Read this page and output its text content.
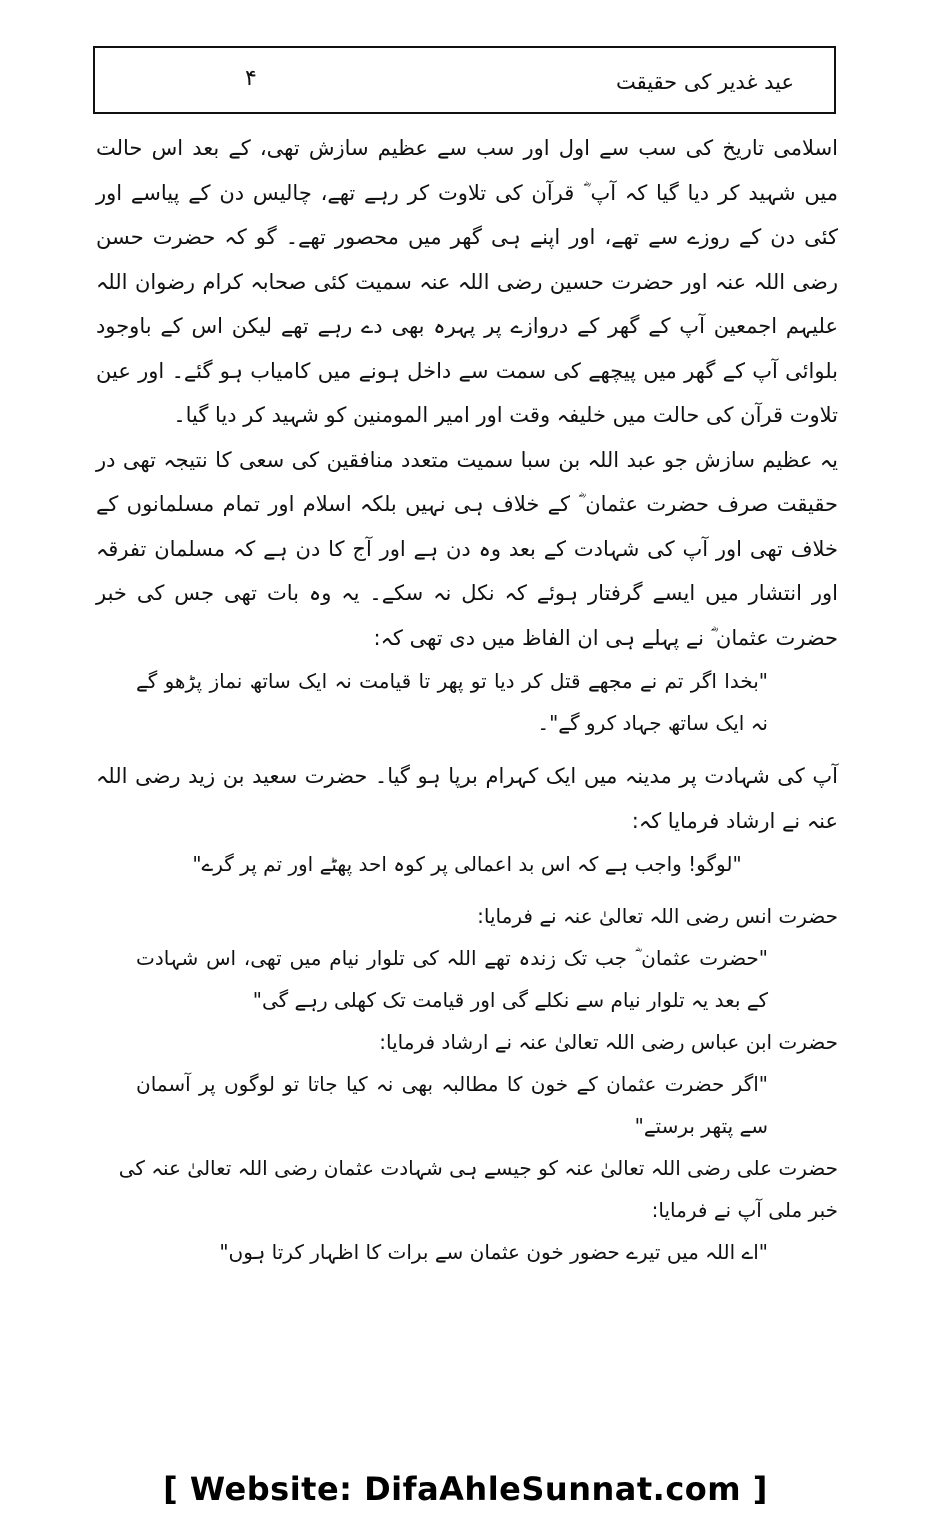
۴	عید غدیر کی حقیقت

اسلامی تاریخ کی سب سے اول اور سب سے عظیم سازش تھی، کے بعد اس حالت میں شہید کر دیا گیا کہ آپ ؓ قرآن کی تلاوت کر رہے تھے، چالیس دن کے پیاسے اور کئی دن کے روزے سے تھے، اور اپنے ہی گھر میں محصور تھے۔ گو کہ حضرت حسن رضی اللہ عنہ اور حضرت حسین رضی اللہ عنہ سمیت کئی صحابہ کرام رضوان اللہ علیہم اجمعین آپ کے گھر کے دروازے پر پہرہ بھی دے رہے تھے لیکن اس کے باوجود بلوائی آپ کے گھر میں پیچھے کی سمت سے داخل ہونے میں کامیاب ہو گئے۔ اور عین تلاوت قرآن کی حالت میں خلیفہ وقت اور امیر المومنین کو شہید کر دیا گیا۔

یہ عظیم سازش جو عبد اللہ بن سبا سمیت متعدد منافقین کی سعی کا نتیجہ تھی در حقیقت صرف حضرت عثمان ؓ کے خلاف ہی نہیں بلکہ اسلام اور تمام مسلمانوں کے خلاف تھی اور آپ کی شہادت کے بعد وہ دن ہے اور آج کا دن ہے کہ مسلمان تفرقہ اور انتشار میں ایسے گرفتار ہوئے کہ نکل نہ سکے۔ یہ وہ بات تھی جس کی خبر حضرت عثمان ؓ نے پہلے ہی ان الفاظ میں دی تھی کہ:

"بخدا اگر تم نے مجھے قتل کر دیا تو پھر تا قیامت نہ ایک ساتھ نماز پڑھو گے نہ ایک ساتھ جہاد کرو گے"۔

آپ کی شہادت پر مدینہ میں ایک کہرام برپا ہو گیا۔ حضرت سعید بن زید رضی اللہ عنہ نے ارشاد فرمایا کہ:

"لوگو! واجب ہے کہ اس بد اعمالی پر کوہ احد پھٹے اور تم پر گرے"

حضرت انس رضی اللہ تعالیٰ عنہ نے فرمایا:

"حضرت عثمان ؓ جب تک زندہ تھے اللہ کی تلوار نیام میں تھی، اس شہادت کے بعد یہ تلوار نیام سے نکلے گی اور قیامت تک کھلی رہے گی"

حضرت ابن عباس رضی اللہ تعالیٰ عنہ نے ارشاد فرمایا:

"اگر حضرت عثمان کے خون کا مطالبہ بھی نہ کیا جاتا تو لوگوں پر آسمان سے پتھر برستے"

حضرت علی رضی اللہ تعالیٰ عنہ کو جیسے ہی شہادت عثمان رضی اللہ تعالیٰ عنہ کی خبر ملی آپ نے فرمایا:

"اے اللہ میں تیرے حضور خون عثمان سے برات کا اظہار کرتا ہوں"

[ Website: DifaAhleSunnat.com ]
